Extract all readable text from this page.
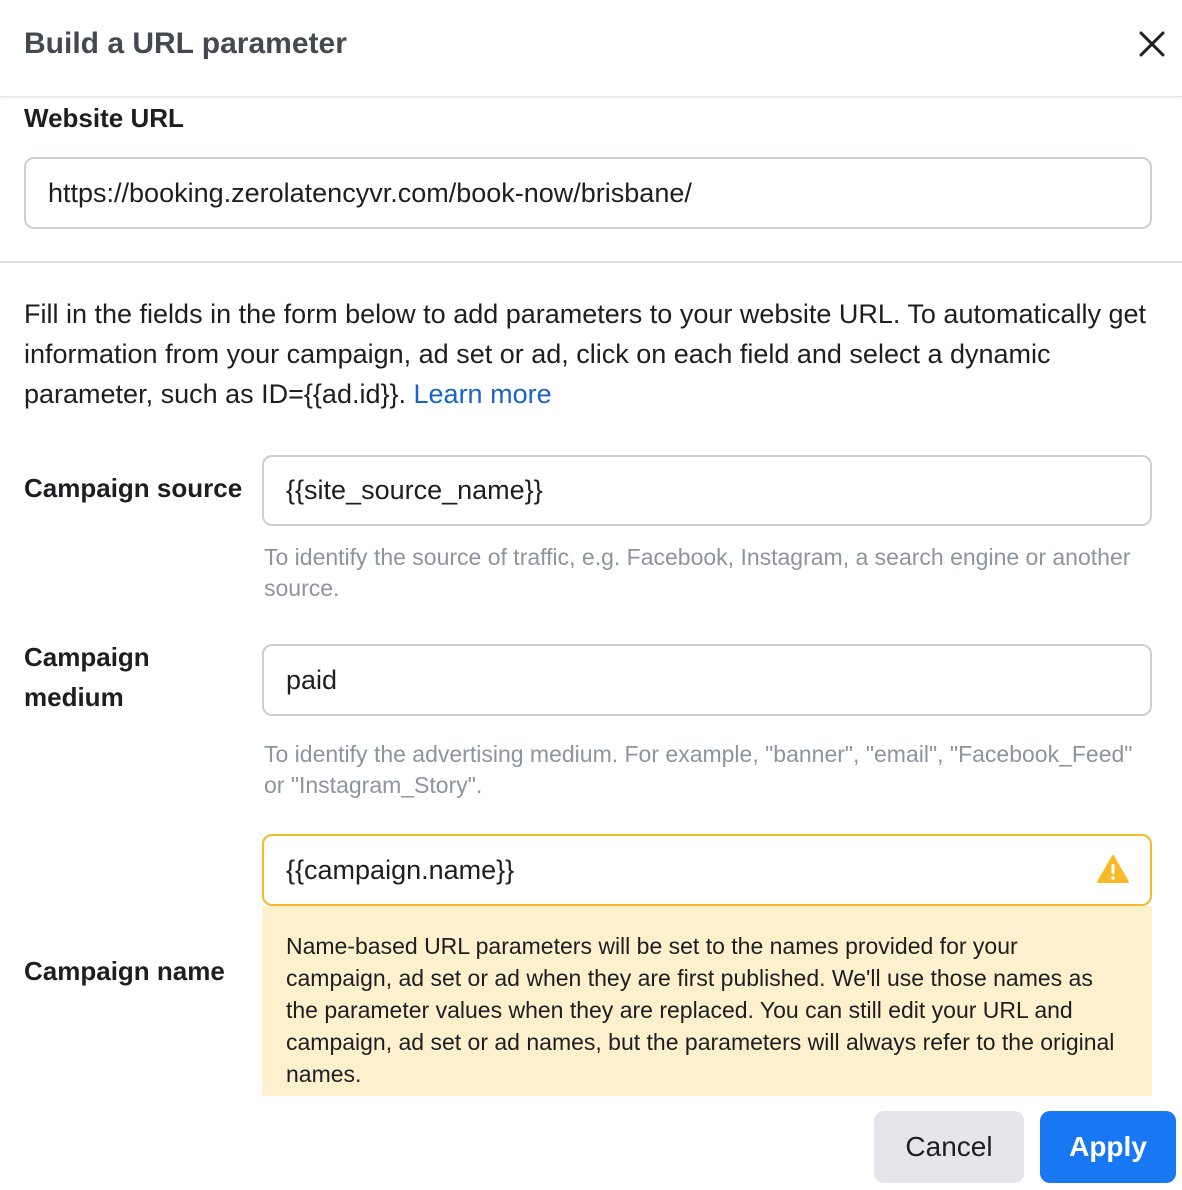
Build a URL parameter
Website URL
https://booking.zerolatencyvr.com/book-now/brisbane/
Fill in the fields in the form below to add parameters to your website URL. To automatically get information from your campaign, ad set or ad, click on each field and select a dynamic parameter, such as ID={{ad.id}}. Learn more
Campaign source	{{site_source_name}}
To identify the source of traffic, e.g. Facebook, Instagram, a search engine or another source.
Campaign medium
paid
To identify the advertising medium. For example, "banner", "email", "Facebook_Feed" or "Instagram_Story".
Campaign name
{{campaign.name}}
Name-based URL parameters will be set to the names provided for your campaign, ad set or ad when they are first published. We'll use those names as the parameter values when they are replaced. You can still edit your URL and campaign, ad set or ad names, but the parameters will always refer to the original names.
Cancel	Apply
